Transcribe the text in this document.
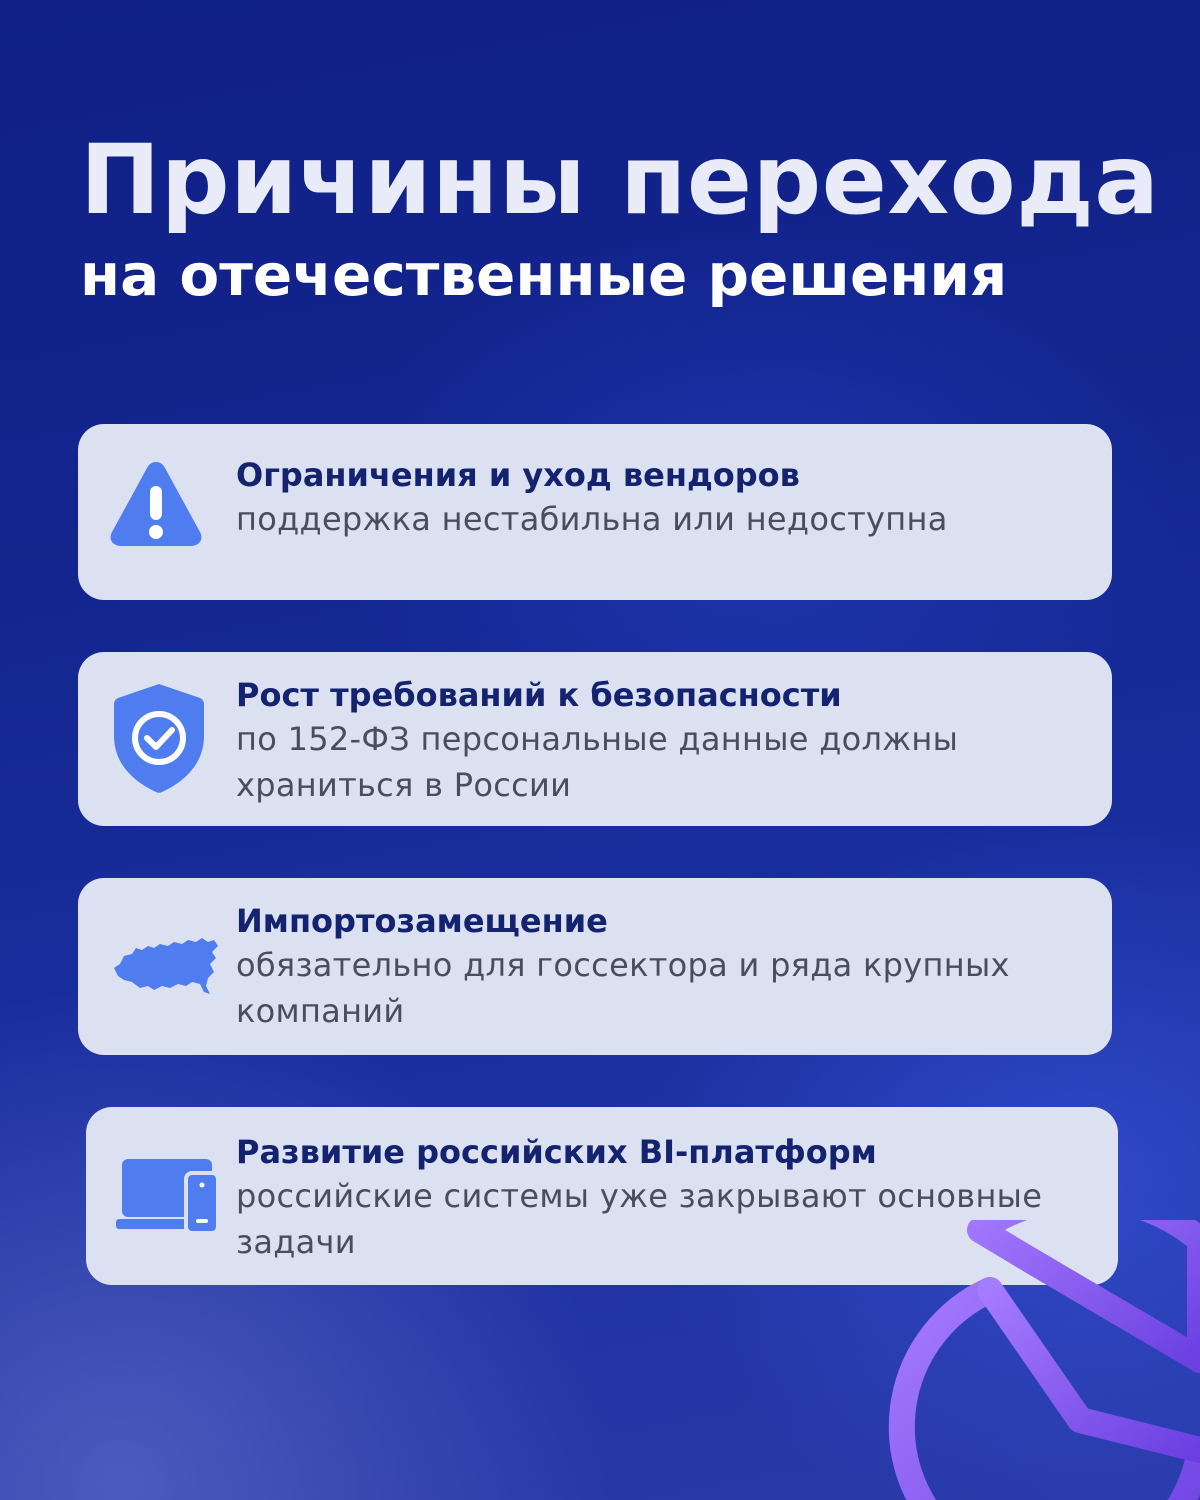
Причины перехода
на отечественные решения
Ограничения и уход вендоров
поддержка нестабильна или недоступна
Рост требований к безопасности
по 152-ФЗ персональные данные должны храниться в России
Импортозамещение
обязательно для госсектора и ряда крупных компаний
Развитие российских BI-платформ
российские системы уже закрывают основные задачи
